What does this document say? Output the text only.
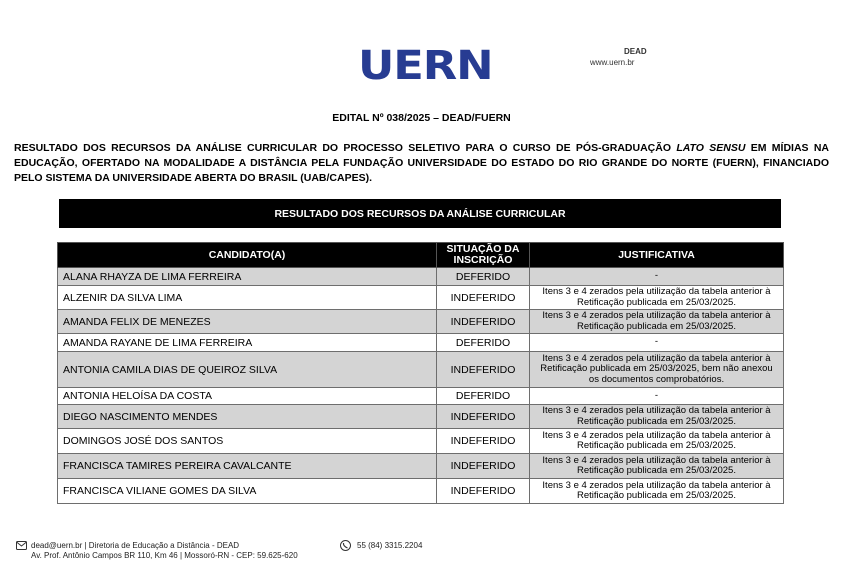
UERN	DEAD
www.uern.br
EDITAL Nº 038/2025 – DEAD/FUERN
RESULTADO DOS RECURSOS DA ANÁLISE CURRICULAR DO PROCESSO SELETIVO PARA O CURSO DE PÓS-GRADUAÇÃO LATO SENSU EM MÍDIAS NA EDUCAÇÃO, OFERTADO NA MODALIDADE A DISTÂNCIA PELA FUNDAÇÃO UNIVERSIDADE DO ESTADO DO RIO GRANDE DO NORTE (FUERN), FINANCIADO PELO SISTEMA DA UNIVERSIDADE ABERTA DO BRASIL (UAB/CAPES).
RESULTADO DOS RECURSOS DA ANÁLISE CURRICULAR
CANDIDATO(A)	SITUAÇÃO DA INSCRIÇÃO	JUSTIFICATIVA
ALANA RHAYZA DE LIMA FERREIRA	DEFERIDO	-
ALZENIR DA SILVA LIMA	INDEFERIDO	Itens 3 e 4 zerados pela utilização da tabela anterior à Retificação publicada em 25/03/2025.
AMANDA FELIX DE MENEZES	INDEFERIDO	Itens 3 e 4 zerados pela utilização da tabela anterior à Retificação publicada em 25/03/2025.
AMANDA RAYANE DE LIMA FERREIRA	DEFERIDO	-
ANTONIA CAMILA DIAS DE QUEIROZ SILVA	INDEFERIDO	Itens 3 e 4 zerados pela utilização da tabela anterior à Retificação publicada em 25/03/2025, bem não anexou os documentos comprobatórios.
ANTONIA HELOÍSA DA COSTA	DEFERIDO	-
DIEGO NASCIMENTO MENDES	INDEFERIDO	Itens 3 e 4 zerados pela utilização da tabela anterior à Retificação publicada em 25/03/2025.
DOMINGOS JOSÉ DOS SANTOS	INDEFERIDO	Itens 3 e 4 zerados pela utilização da tabela anterior à Retificação publicada em 25/03/2025.
FRANCISCA TAMIRES PEREIRA CAVALCANTE	INDEFERIDO	Itens 3 e 4 zerados pela utilização da tabela anterior à Retificação publicada em 25/03/2025.
FRANCISCA VILIANE GOMES DA SILVA	INDEFERIDO	Itens 3 e 4 zerados pela utilização da tabela anterior à Retificação publicada em 25/03/2025.
dead@uern.br | Diretoria de Educação a Distância - DEAD
Av. Prof. Antônio Campos BR 110, Km 46 | Mossoró-RN - CEP: 59.625-620
55 (84) 3315.2204
